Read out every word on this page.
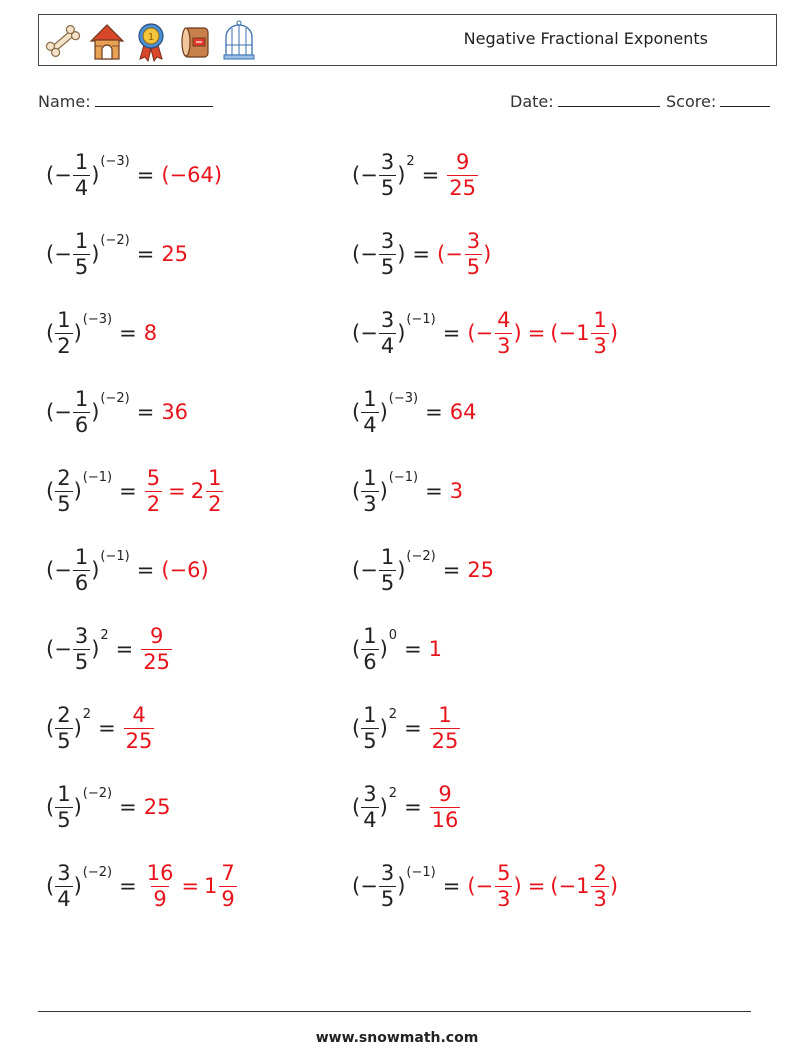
1	Negative Fractional Exponents
Name:	Date:	Score:
( − $\frac{1}{4}$ )
(−3)
= (−64)	( − $\frac{3}{5}$ )
2
= $\frac{9}{25}$
( − $\frac{1}{5}$ )
(−2)
= 25	( − $\frac{3}{5}$ ) = (− $\frac{3}{5}$ )
( $\frac{1}{2}$ )
(−3)
= 8	( − $\frac{3}{4}$ )
(−1)
= (− $\frac{4}{3}$ ) = ($-1 \frac{1}{3}$ )
( − $\frac{1}{6}$ )
(−2)
= 36	( $\frac{1}{4}$ )
(−3)
= 64
( $\frac{2}{5}$ )
(−1)
= $\frac{5}{2} = 2 \frac{1}{2}$	( $\frac{1}{3}$ )
(−1)
= 3
( − $\frac{1}{6}$ )
(−1)
= (−6)	( − $\frac{1}{5}$ )
(−2)
= 25
( − $\frac{3}{5}$ )
2
= $\frac{9}{25}$	( $\frac{1}{6}$ )
0
= 1
( $\frac{2}{5}$ )
2
= $\frac{4}{25}$	( $\frac{1}{5}$ )
2
= $\frac{1}{25}$
( $\frac{1}{5}$ )
(−2)
= 25	( $\frac{3}{4}$ )
2
= $\frac{9}{16}$
( $\frac{3}{4}$ )
(−2)
= $\frac{16}{9} = 1 \frac{7}{9}$	( − $\frac{3}{5}$ )
(−1)
= (− $\frac{5}{3}$ ) = ($-1 \frac{2}{3}$ )
www.snowmath.com
